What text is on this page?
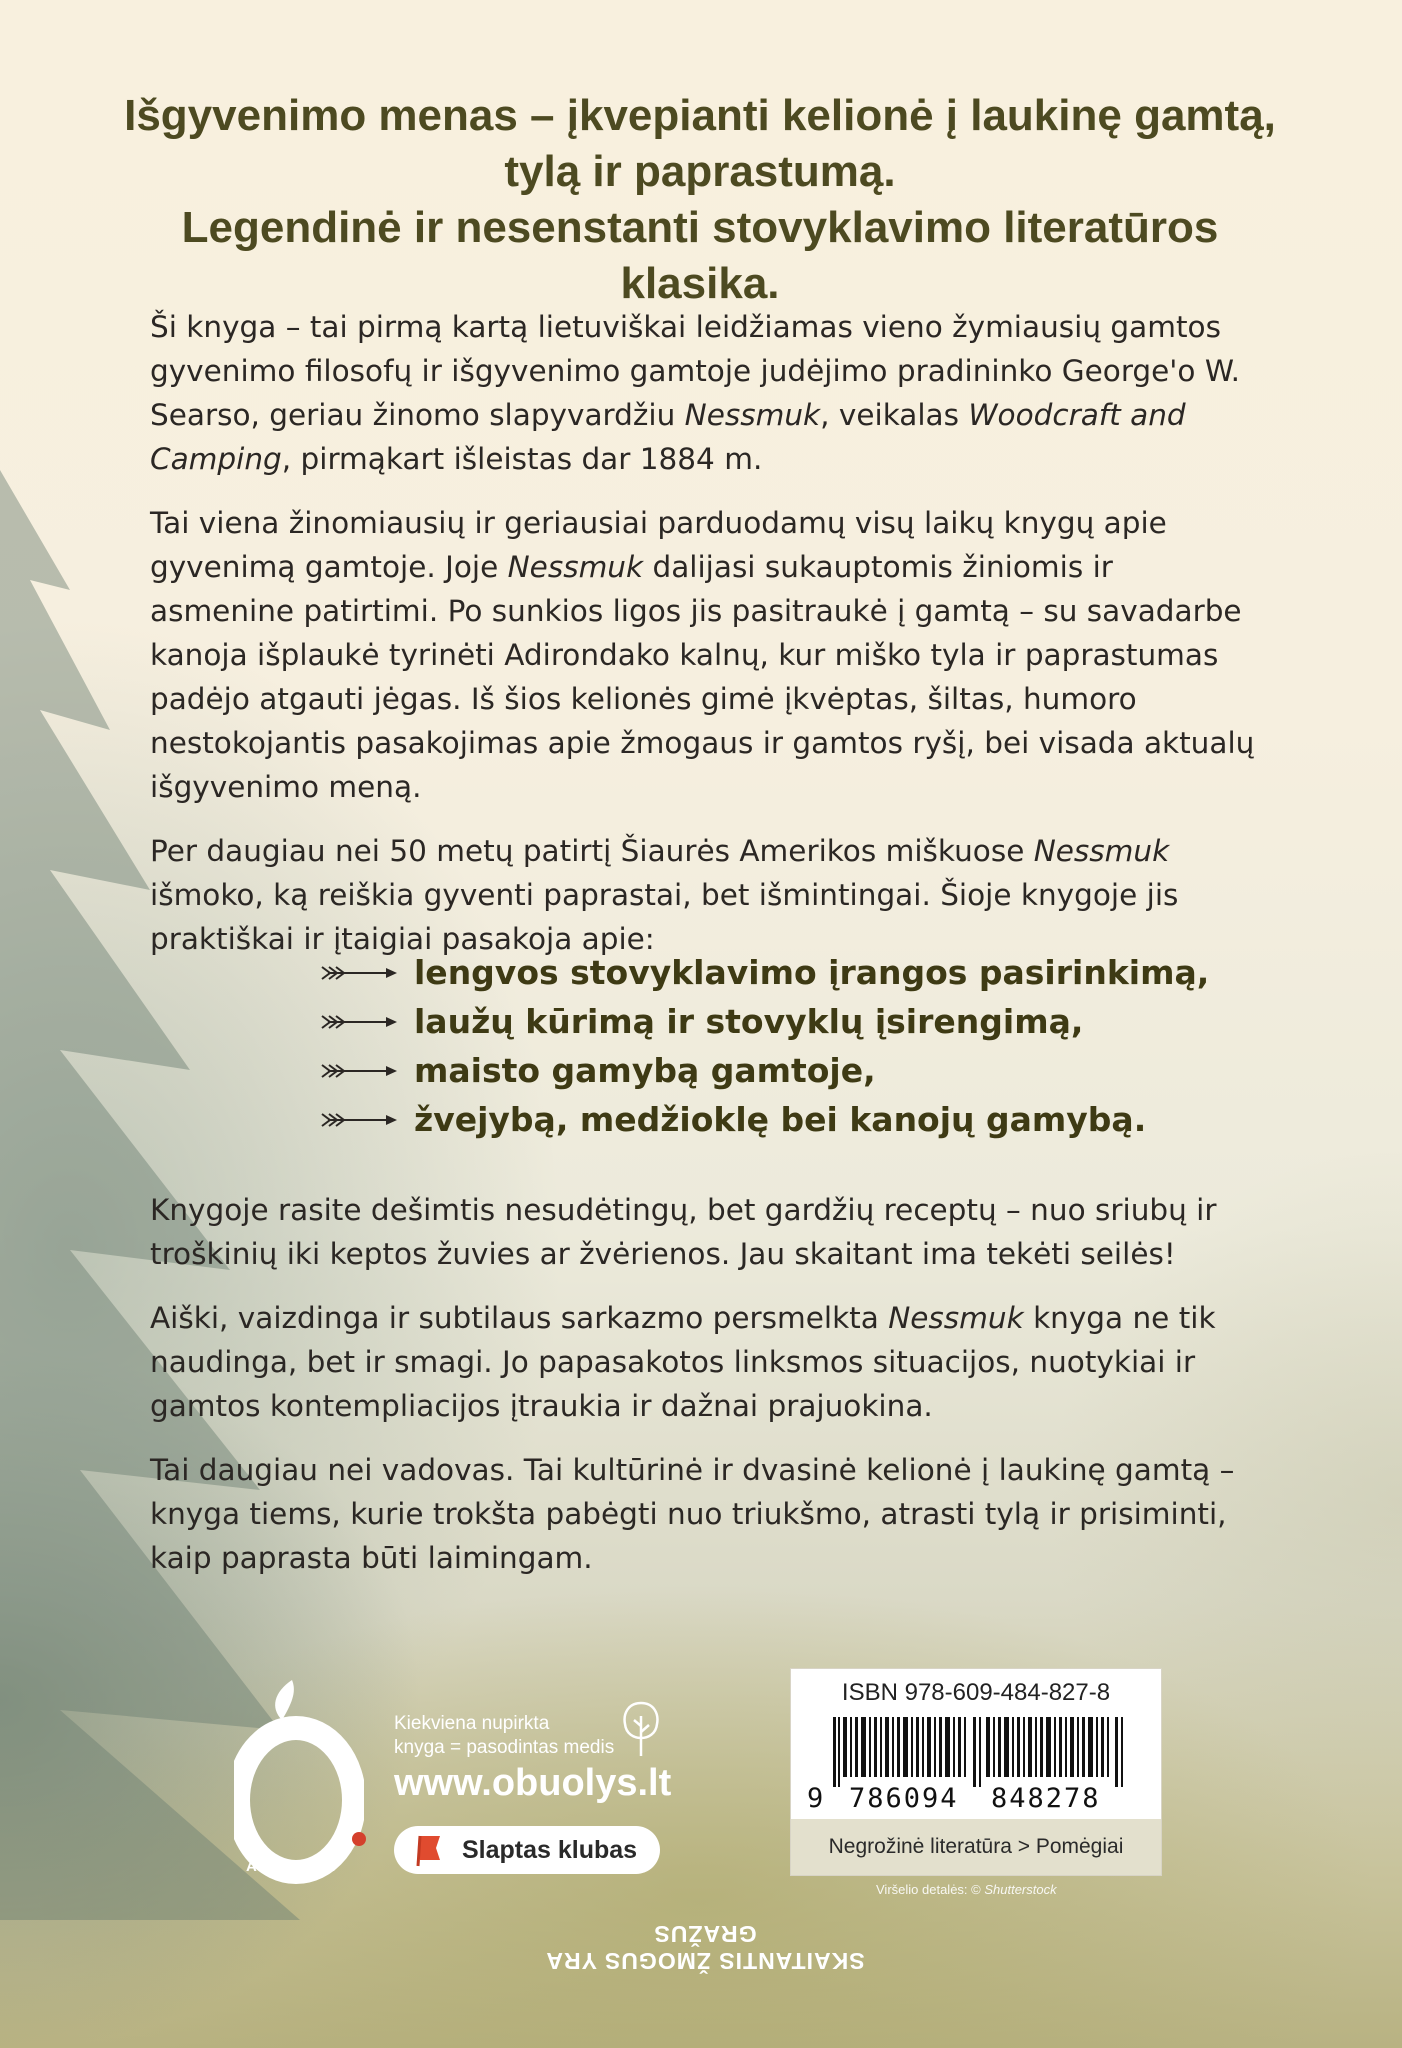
Išgyvenimo menas – įkvepianti kelionė į laukinę gamtą,
tylą ir paprastumą.
Legendinė ir nesenstanti stovyklavimo literatūros klasika.

Ši knyga – tai pirmą kartą lietuviškai leidžiamas vieno žymiausių gamtos gyvenimo filosofų ir išgyvenimo gamtoje judėjimo pradininko George'o W. Searso, geriau žinomo slapyvardžiu Nessmuk, veikalas Woodcraft and Camping, pirmąkart išleistas dar 1884 m.

Tai viena žinomiausių ir geriausiai parduodamų visų laikų knygų apie gyvenimą gamtoje. Joje Nessmuk dalijasi sukauptomis žiniomis ir asmenine patirtimi. Po sunkios ligos jis pasitraukė į gamtą – su savadarbe kanoja išplaukė tyrinėti Adirondako kalnų, kur miško tyla ir paprastumas padėjo atgauti jėgas. Iš šios kelionės gimė įkvėptas, šiltas, humoro nestokojantis pasakojimas apie žmogaus ir gamtos ryšį, bei visada aktualų išgyvenimo meną.

Per daugiau nei 50 metų patirtį Šiaurės Amerikos miškuose Nessmuk išmoko, ką reiškia gyventi paprastai, bet išmintingai. Šioje knygoje jis praktiškai ir įtaigiai pasakoja apie:

lengvos stovyklavimo įrangos pasirinkimą,
laužų kūrimą ir stovyklų įsirengimą,
maisto gamybą gamtoje,
žvejybą, medžioklę bei kanojų gamybą.

Knygoje rasite dešimtis nesudėtingų, bet gardžių receptų – nuo sriubų ir troškinių iki keptos žuvies ar žvėrienos. Jau skaitant ima tekėti seilės!

Aiški, vaizdinga ir subtilaus sarkazmo persmelkta Nessmuk knyga ne tik naudinga, bet ir smagi. Jo papasakotos linksmos situacijos, nuotykiai ir gamtos kontempliacijos įtraukia ir dažnai prajuokina.

Tai daugiau nei vadovas. Tai kultūrinė ir dvasinė kelionė į laukinę gamtą – knyga tiems, kurie trokšta pabėgti nuo triukšmo, atrasti tylą ir prisiminti, kaip paprasta būti laimingam.

ANNO 2004
Kiekviena nupirkta
knyga = pasodintas medis
www.obuolys.lt
Slaptas klubas
ISBN 978-609-484-827-8
9 786094 848278
Negrožinė literatūra > Pomėgiai
Viršelio detalės: © Shutterstock
SKAITANTIS ŽMOGUS YRA GRAŽUS
